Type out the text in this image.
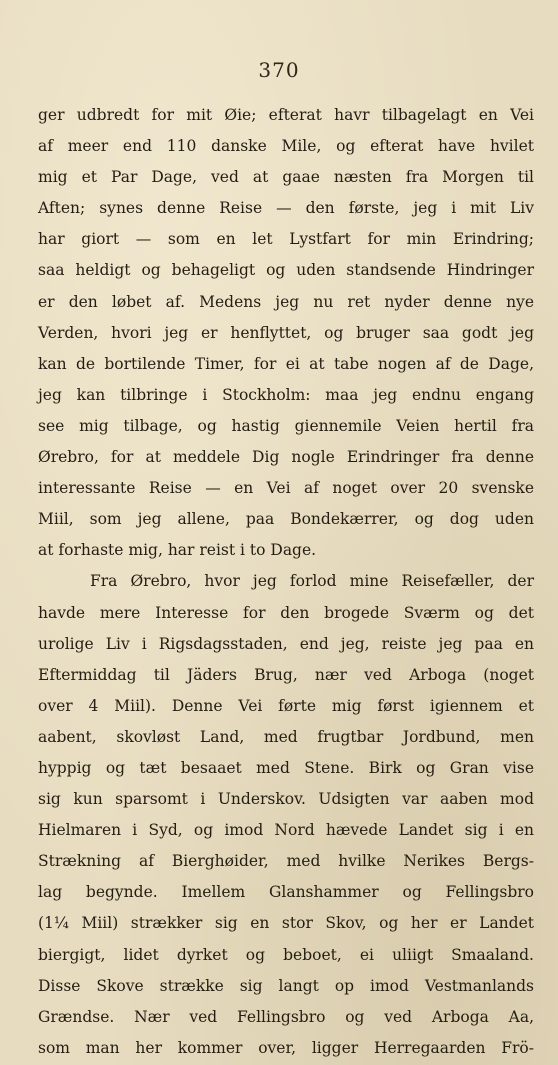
370
ger udbredt for mit Øie; efterat havr tilbagelagt en Vei
af meer end 110 danske Mile, og efterat have hvilet
mig et Par Dage, ved at gaae næsten fra Morgen til
Aften; synes denne Reise — den første, jeg i mit Liv
har giort — som en let Lystfart for min Erindring;
saa heldigt og behageligt og uden standsende Hindringer
er den løbet af. Medens jeg nu ret nyder denne nye
Verden, hvori jeg er henflyttet, og bruger saa godt jeg
kan de bortilende Timer, for ei at tabe nogen af de Dage,
jeg kan tilbringe i Stockholm: maa jeg endnu engang
see mig tilbage, og hastig giennemile Veien hertil fra
Ørebro, for at meddele Dig nogle Erindringer fra denne
interessante Reise — en Vei af noget over 20 svenske
Miil, som jeg allene, paa Bondekærrer, og dog uden
at forhaste mig, har reist i to Dage.
Fra Ørebro, hvor jeg forlod mine Reisefæller, der
havde mere Interesse for den brogede Sværm og det
urolige Liv i Rigsdagsstaden, end jeg, reiste jeg paa en
Eftermiddag til Jäders Brug, nær ved Arboga (noget
over 4 Miil). Denne Vei førte mig først igiennem et
aabent, skovløst Land, med frugtbar Jordbund, men
hyppig og tæt besaaet med Stene. Birk og Gran vise
sig kun sparsomt i Underskov. Udsigten var aaben mod
Hielmaren i Syd, og imod Nord hævede Landet sig i en
Strækning af Bierghøider, med hvilke Nerikes Bergs-
lag begynde. Imellem Glanshammer og Fellingsbro
(1¼ Miil) strækker sig en stor Skov, og her er Landet
biergigt, lidet dyrket og beboet, ei uliigt Smaaland.
Disse Skove strække sig langt op imod Vestmanlands
Grændse. Nær ved Fellingsbro og ved Arboga Aa,
som man her kommer over, ligger Herregaarden Frö-
